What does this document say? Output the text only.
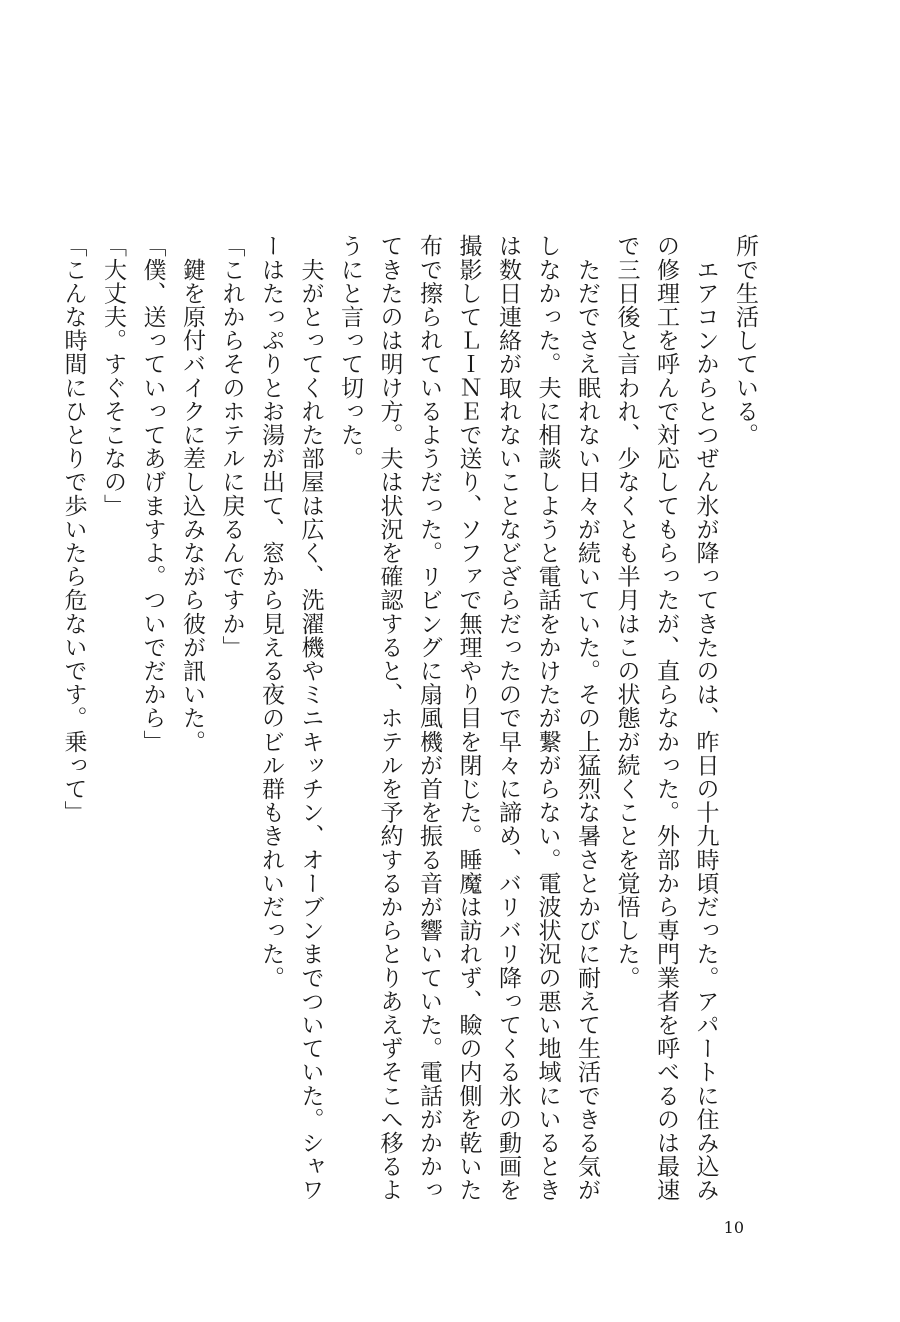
所で生活している。
　エアコンからとつぜん氷が降ってきたのは、昨日の十九時頃だった。アパートに住み込み
の修理工を呼んで対応してもらったが、直らなかった。外部から専門業者を呼べるのは最速
で三日後と言われ、少なくとも半月はこの状態が続くことを覚悟した。
　ただでさえ眠れない日々が続いていた。その上猛烈な暑さとかびに耐えて生活できる気が
しなかった。夫に相談しようと電話をかけたが繋がらない。電波状況の悪い地域にいるとき
は数日連絡が取れないことなどざらだったので早々に諦め、バリバリ降ってくる氷の動画を
撮影してＬＩＮＥで送り、ソファで無理やり目を閉じた。睡魔は訪れず、瞼の内側を乾いた
布で擦られているようだった。リビングに扇風機が首を振る音が響いていた。電話がかかっ
てきたのは明け方。夫は状況を確認すると、ホテルを予約するからとりあえずそこへ移るよ
うにと言って切った。
　夫がとってくれた部屋は広く、洗濯機やミニキッチン、オーブンまでついていた。シャワ
ーはたっぷりとお湯が出て、窓から見える夜のビル群もきれいだった。
「これからそのホテルに戻るんですか」
　鍵を原付バイクに差し込みながら彼が訊いた。
「僕、送っていってあげますよ。ついでだから」
「大丈夫。すぐそこなの」
「こんな時間にひとりで歩いたら危ないです。乗って」
10
